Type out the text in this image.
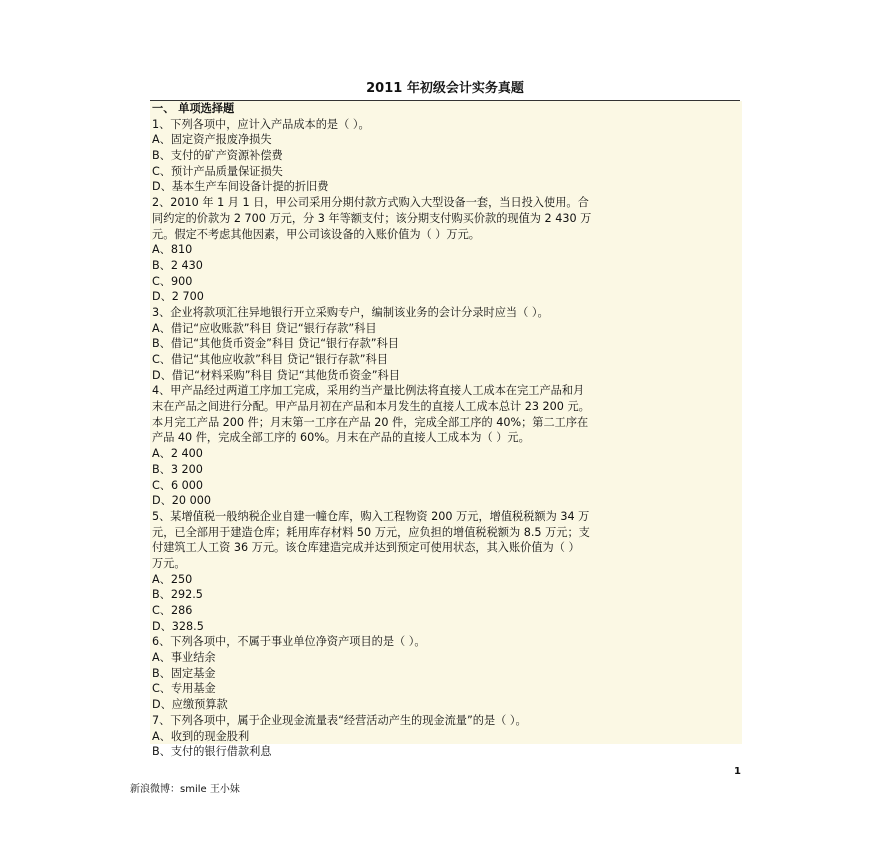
2011 年初级会计实务真题
一、 单项选择题
1、下列各项中，应计入产品成本的是（ ）。
A、固定资产报废净损失
B、支付的矿产资源补偿费
C、预计产品质量保证损失
D、基本生产车间设备计提的折旧费
2、2010 年 1 月 1 日，甲公司采用分期付款方式购入大型设备一套，当日投入使用。合
同约定的价款为 2 700 万元，分 3 年等额支付；该分期支付购买价款的现值为 2 430 万
元。假定不考虑其他因素，甲公司该设备的入账价值为（ ）万元。
A、810
B、2 430
C、900
D、2 700
3、企业将款项汇往异地银行开立采购专户，编制该业务的会计分录时应当（ ）。
A、借记“应收账款”科目 贷记“银行存款”科目
B、借记“其他货币资金”科目 贷记“银行存款”科目
C、借记“其他应收款”科目 贷记“银行存款”科目
D、借记“材料采购”科目 贷记“其他货币资金”科目
4、甲产品经过两道工序加工完成，采用约当产量比例法将直接人工成本在完工产品和月
末在产品之间进行分配。甲产品月初在产品和本月发生的直接人工成本总计 23 200 元。
本月完工产品 200 件；月末第一工序在产品 20 件，完成全部工序的 40%；第二工序在
产品 40 件，完成全部工序的 60%。月末在产品的直接人工成本为（ ）元。
A、2 400
B、3 200
C、6 000
D、20 000
5、某增值税一般纳税企业自建一幢仓库，购入工程物资 200 万元，增值税税额为 34 万
元，已全部用于建造仓库；耗用库存材料 50 万元，应负担的增值税税额为 8.5 万元；支
付建筑工人工资 36 万元。该仓库建造完成并达到预定可使用状态，其入账价值为（ ）
万元。
A、250
B、292.5
C、286
D、328.5
6、下列各项中，不属于事业单位净资产项目的是（ ）。
A、事业结余
B、固定基金
C、专用基金
D、应缴预算款
7、下列各项中，属于企业现金流量表“经营活动产生的现金流量”的是（ ）。
A、收到的现金股利
B、支付的银行借款利息
1
新浪微博：smile 王小妹
